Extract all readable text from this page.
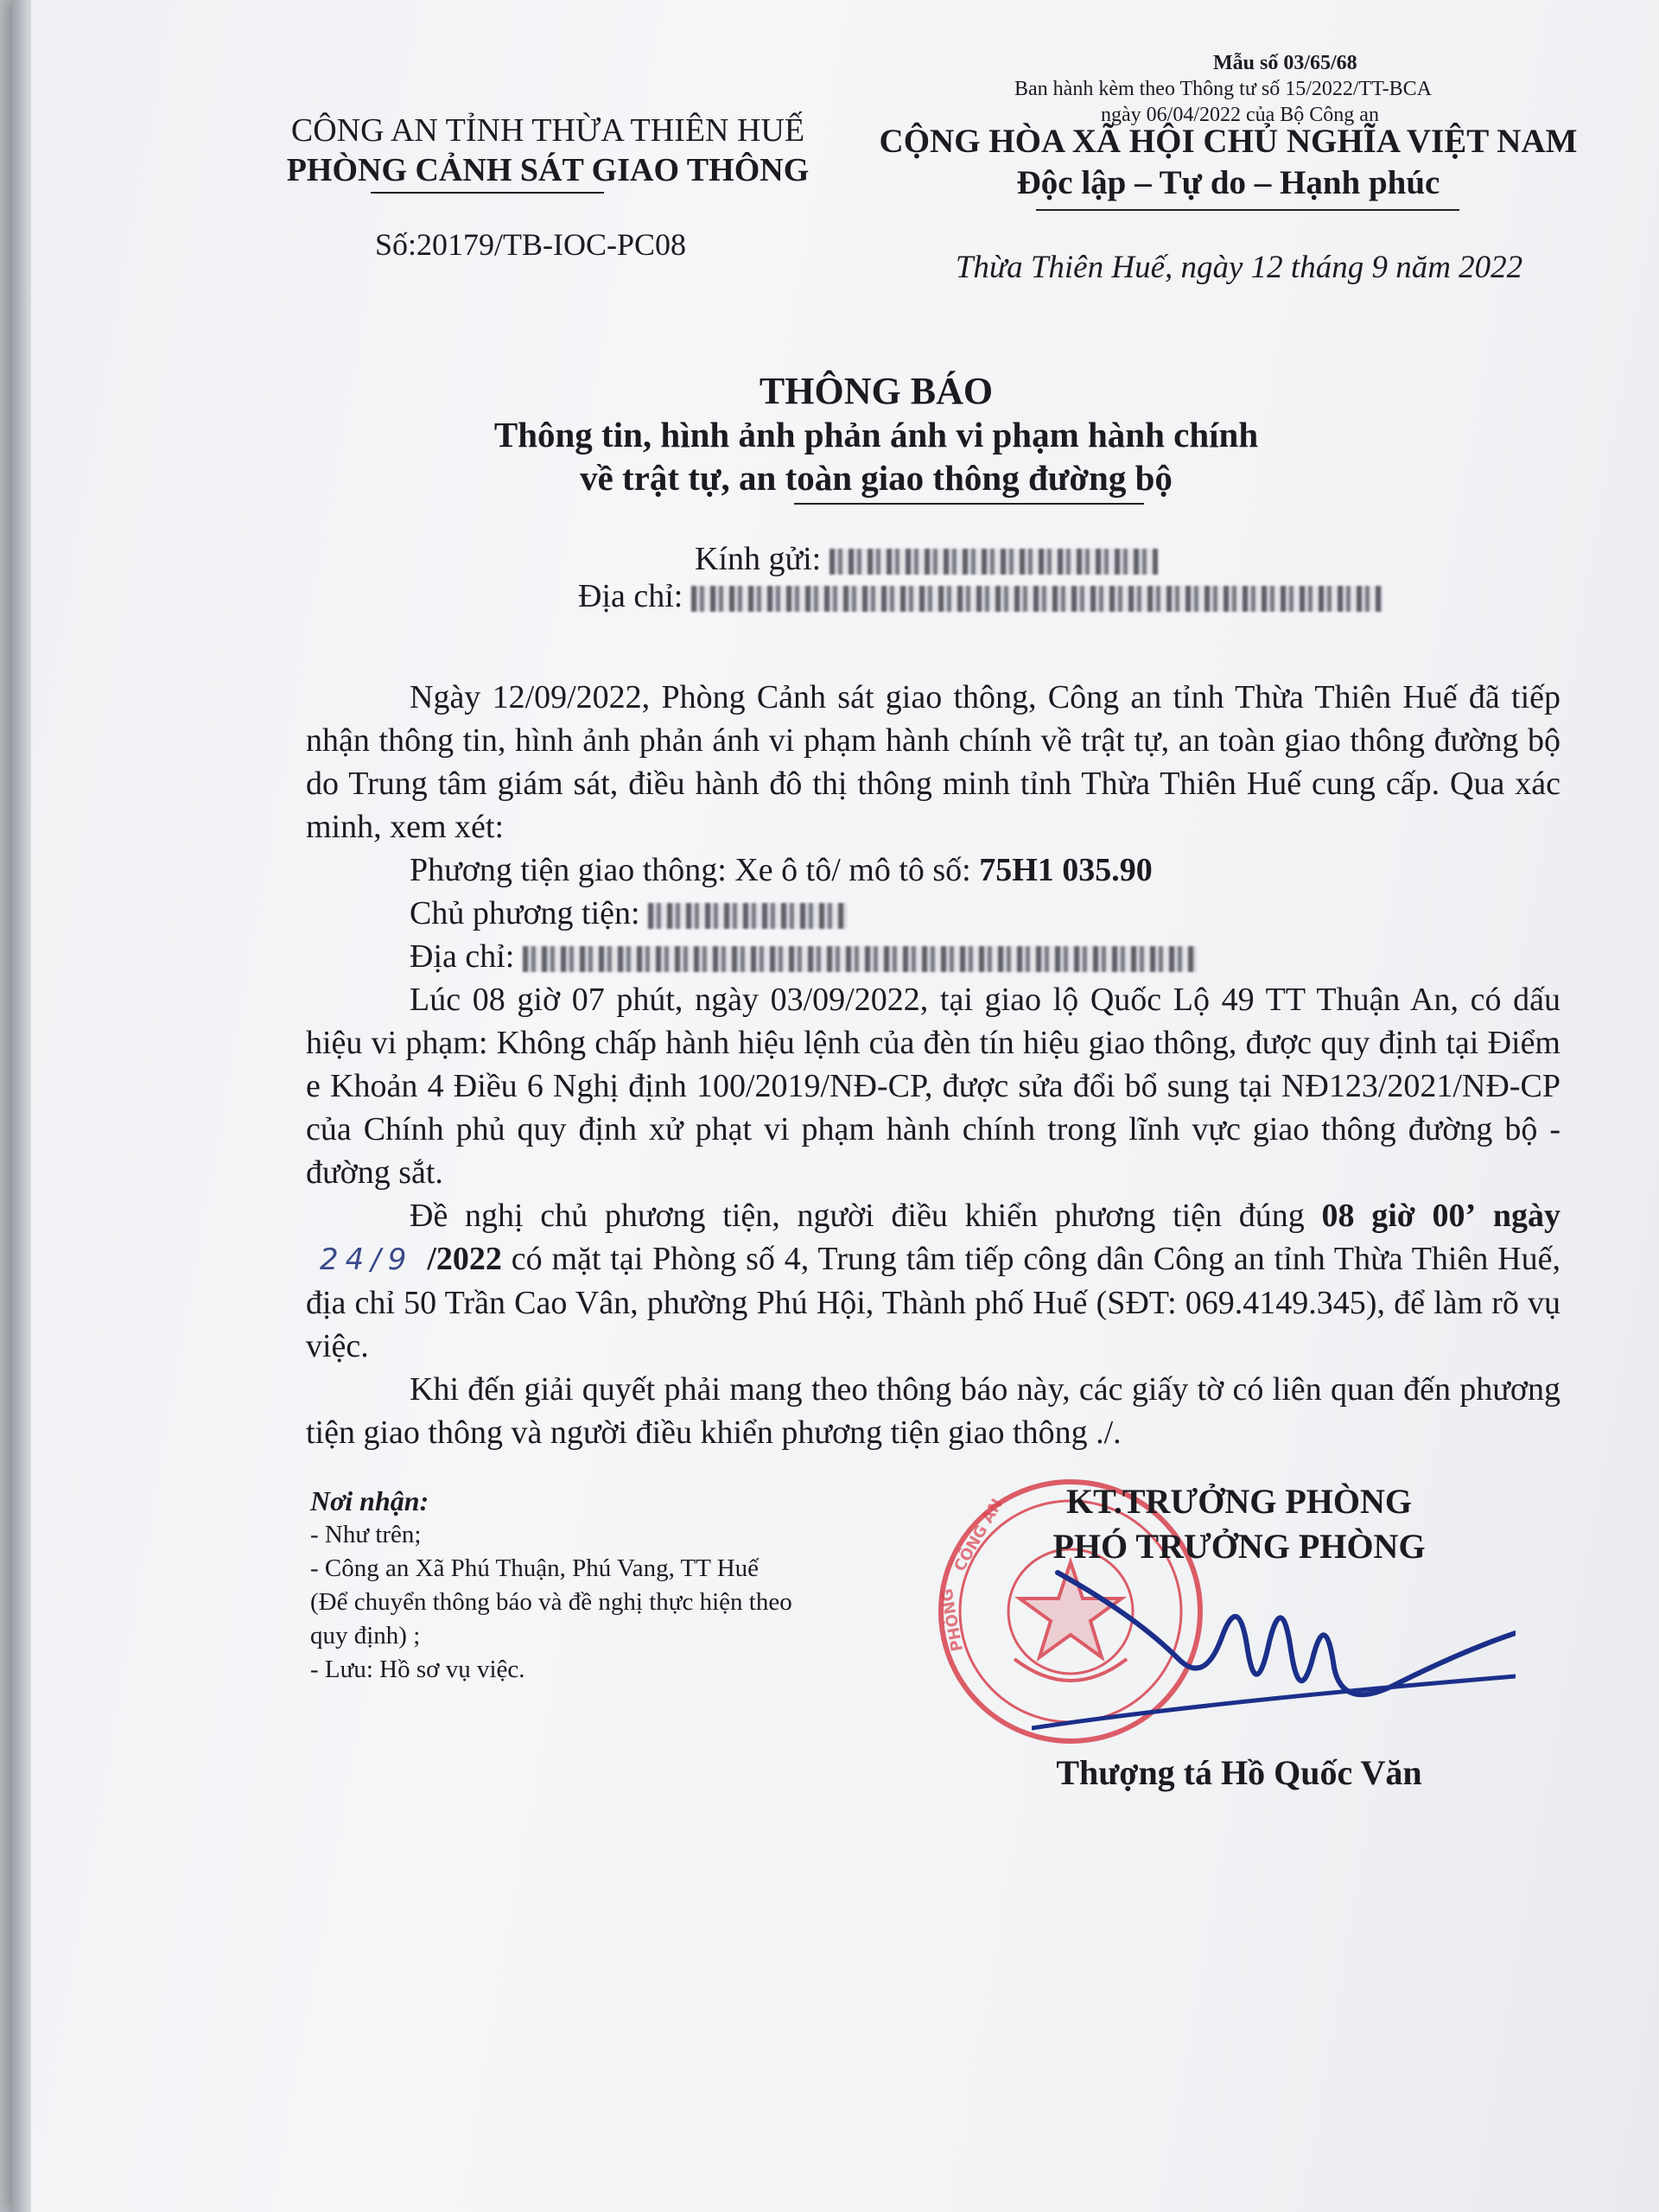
Mẫu số 03/65/68
Ban hành kèm theo Thông tư số 15/2022/TT-BCA
ngày 06/04/2022 của Bộ Công an
CÔNG AN TỈNH THỪA THIÊN HUẾ
PHÒNG CẢNH SÁT GIAO THÔNG
Số:20179/TB-IOC-PC08
CỘNG HÒA XÃ HỘI CHỦ NGHĨA VIỆT NAM
Độc lập – Tự do – Hạnh phúc
Thừa Thiên Huế, ngày 12 tháng 9 năm 2022
THÔNG BÁO
Thông tin, hình ảnh phản ánh vi phạm hành chính
về trật tự, an toàn giao thông đường bộ
Kính gửi:
Địa chỉ:

Ngày 12/09/2022, Phòng Cảnh sát giao thông, Công an tỉnh Thừa Thiên Huế đã tiếp nhận thông tin, hình ảnh phản ánh vi phạm hành chính về trật tự, an toàn giao thông đường bộ do Trung tâm giám sát, điều hành đô thị thông minh tỉnh Thừa Thiên Huế cung cấp. Qua xác minh, xem xét:

Phương tiện giao thông: Xe ô tô/ mô tô số: 75H1 035.90

Chủ phương tiện:

Địa chỉ:

Lúc 08 giờ 07 phút, ngày 03/09/2022, tại giao lộ Quốc Lộ 49 TT Thuận An, có dấu hiệu vi phạm: Không chấp hành hiệu lệnh của đèn tín hiệu giao thông, được quy định tại Điểm e Khoản 4 Điều 6 Nghị định 100/2019/NĐ-CP, được sửa đổi bổ sung tại NĐ123/2021/NĐ-CP của Chính phủ quy định xử phạt vi phạm hành chính trong lĩnh vực giao thông đường bộ - đường sắt.

Đề nghị chủ phương tiện, người điều khiển phương tiện đúng 08 giờ 00’ ngày 24/9 /2022 có mặt tại Phòng số 4, Trung tâm tiếp công dân Công an tỉnh Thừa Thiên Huế, địa chỉ 50 Trần Cao Vân, phường Phú Hội, Thành phố Huế (SĐT: 069.4149.345), để làm rõ vụ việc.

Khi đến giải quyết phải mang theo thông báo này, các giấy tờ có liên quan đến phương tiện giao thông và người điều khiển phương tiện giao thông ./.

Nơi nhận:
- Như trên;
- Công an Xã Phú Thuận, Phú Vang, TT Huế
(Để chuyển thông báo và đề nghị thực hiện theo
quy định) ;
- Lưu: Hồ sơ vụ việc.
CÔNG AN
PHÒNG
KT.TRƯỞNG PHÒNG
PHÓ TRƯỞNG PHÒNG
Thượng tá Hồ Quốc Văn
